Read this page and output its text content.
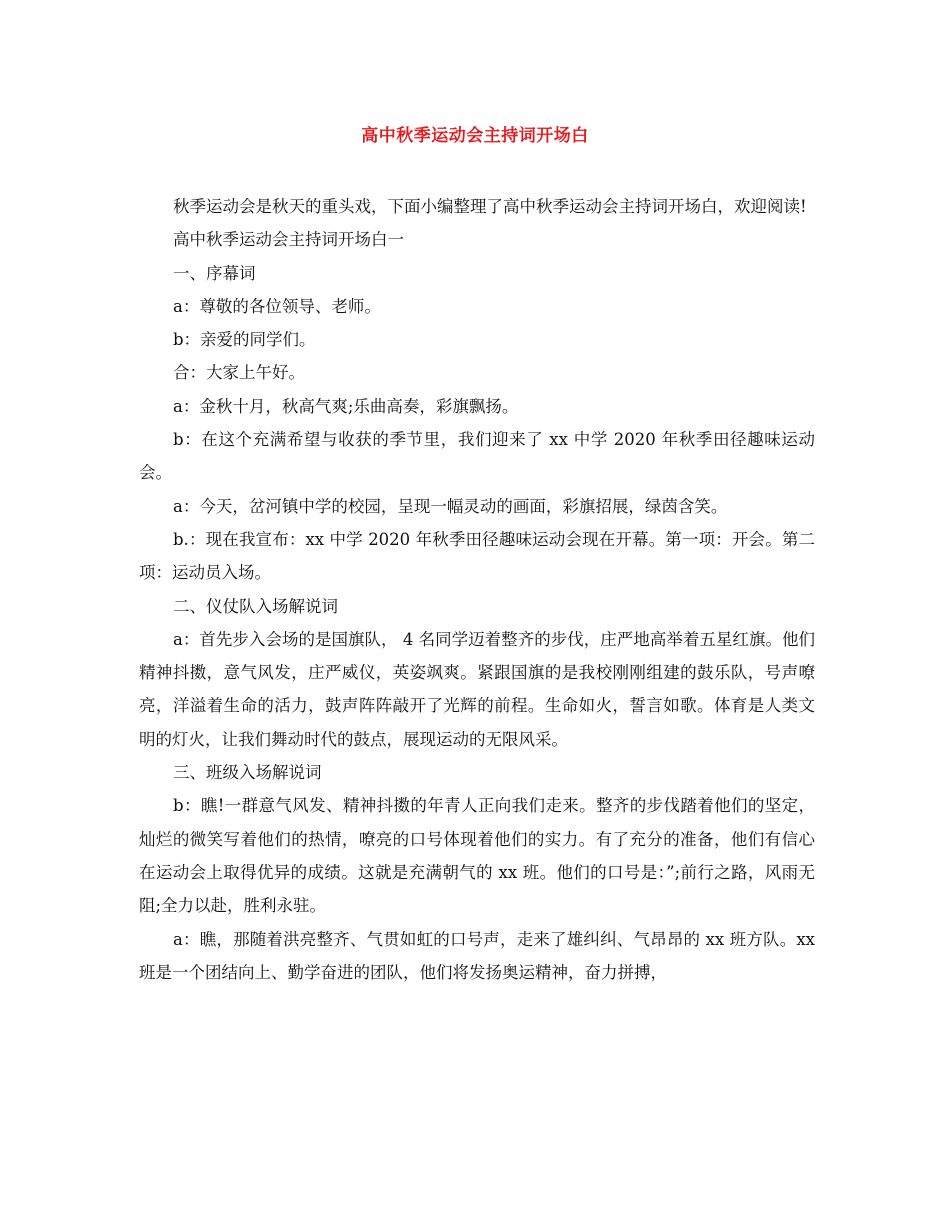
高中秋季运动会主持词开场白

秋季运动会是秋天的重头戏，下面小编整理了高中秋季运动会主持词开场白，欢迎阅读!

高中秋季运动会主持词开场白一

一、序幕词

a：尊敬的各位领导、老师。

b：亲爱的同学们。

合：大家上午好。

a：金秋十月，秋高气爽;乐曲高奏，彩旗飘扬。

b：在这个充满希望与收获的季节里，我们迎来了 xx 中学 2020 年秋季田径趣味运动会。

a：今天，岔河镇中学的校园，呈现一幅灵动的画面，彩旗招展，绿茵含笑。

b.：现在我宣布：xx 中学 2020 年秋季田径趣味运动会现在开幕。第一项：开会。第二项：运动员入场。

二、仪仗队入场解说词

a：首先步入会场的是国旗队， 4 名同学迈着整齐的步伐，庄严地高举着五星红旗。他们精神抖擞，意气风发，庄严威仪，英姿飒爽。紧跟国旗的是我校刚刚组建的鼓乐队，号声嘹亮，洋溢着生命的活力，鼓声阵阵敲开了光辉的前程。生命如火，誓言如歌。体育是人类文明的灯火，让我们舞动时代的鼓点，展现运动的无限风采。

三、班级入场解说词

b：瞧!一群意气风发、精神抖擞的年青人正向我们走来。整齐的步伐踏着他们的坚定，灿烂的微笑写着他们的热情，嘹亮的口号体现着他们的实力。有了充分的准备，他们有信心在运动会上取得优异的成绩。这就是充满朝气的 xx 班。他们的口号是：”;前行之路，风雨无阻;全力以赴，胜利永驻。

a：瞧，那随着洪亮整齐、气贯如虹的口号声，走来了雄纠纠、气昂昂的 xx 班方队。xx 班是一个团结向上、勤学奋进的团队，他们将发扬奥运精神，奋力拼搏，
